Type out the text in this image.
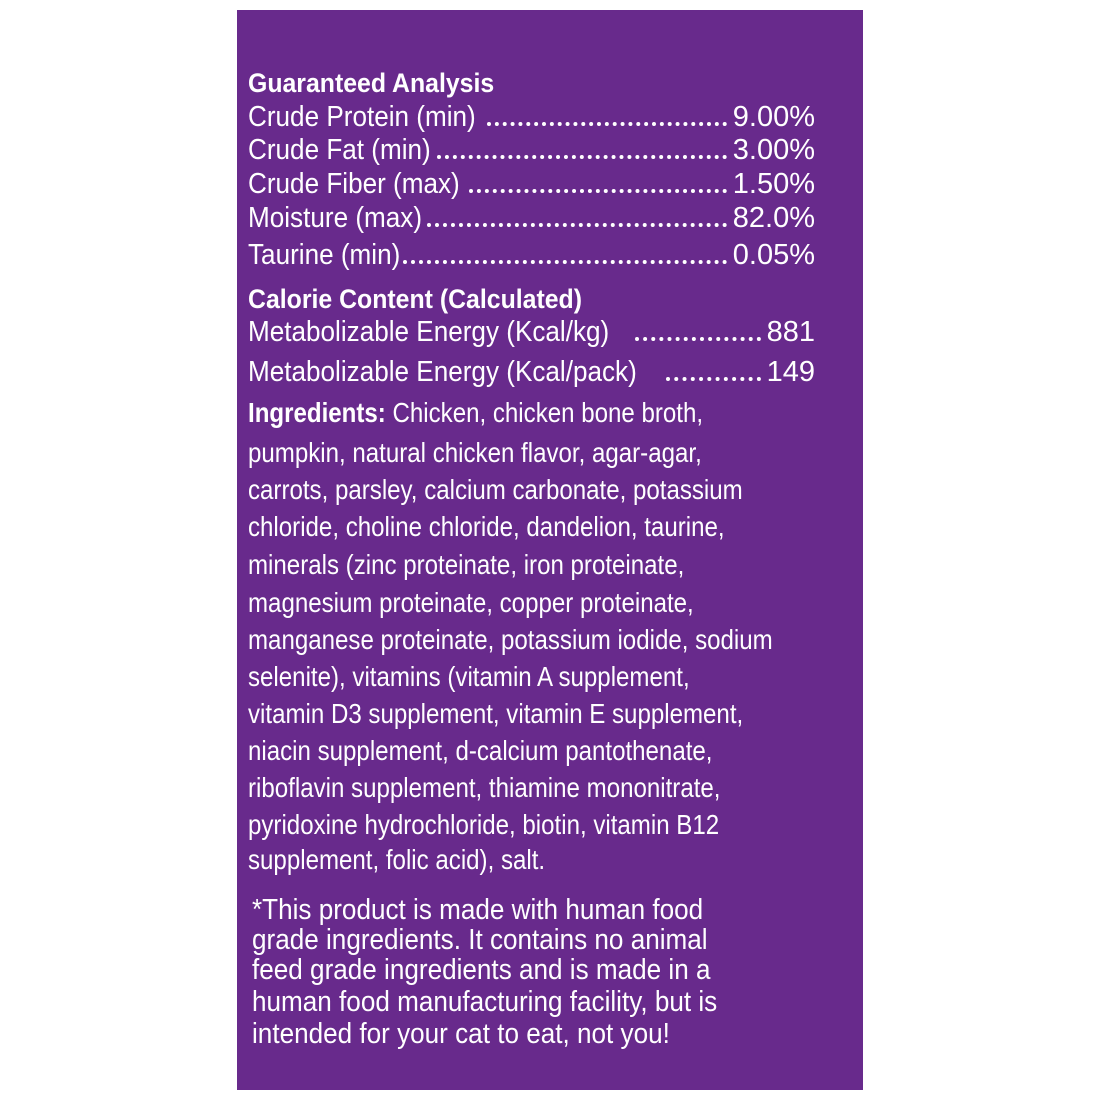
Guaranteed Analysis
Crude Protein (min)	9.00%
Crude Fat (min)	3.00%
Crude Fiber (max)	1.50%
Moisture (max)	82.0%
Taurine (min)	0.05%
Calorie Content (Calculated)
Metabolizable Energy (Kcal/kg)	881
Metabolizable Energy (Kcal/pack)	149
Ingredients: Chicken, chicken bone broth,
pumpkin, natural chicken flavor, agar-agar,
carrots, parsley, calcium carbonate, potassium
chloride, choline chloride, dandelion, taurine,
minerals (zinc proteinate, iron proteinate,
magnesium proteinate, copper proteinate,
manganese proteinate, potassium iodide, sodium
selenite), vitamins (vitamin A supplement,
vitamin D3 supplement, vitamin E supplement,
niacin supplement, d-calcium pantothenate,
riboflavin supplement, thiamine mononitrate,
pyridoxine hydrochloride, biotin, vitamin B12
supplement, folic acid), salt.
*This product is made with human food
grade ingredients. It contains no animal
feed grade ingredients and is made in a
human food manufacturing facility, but is
intended for your cat to eat, not you!
